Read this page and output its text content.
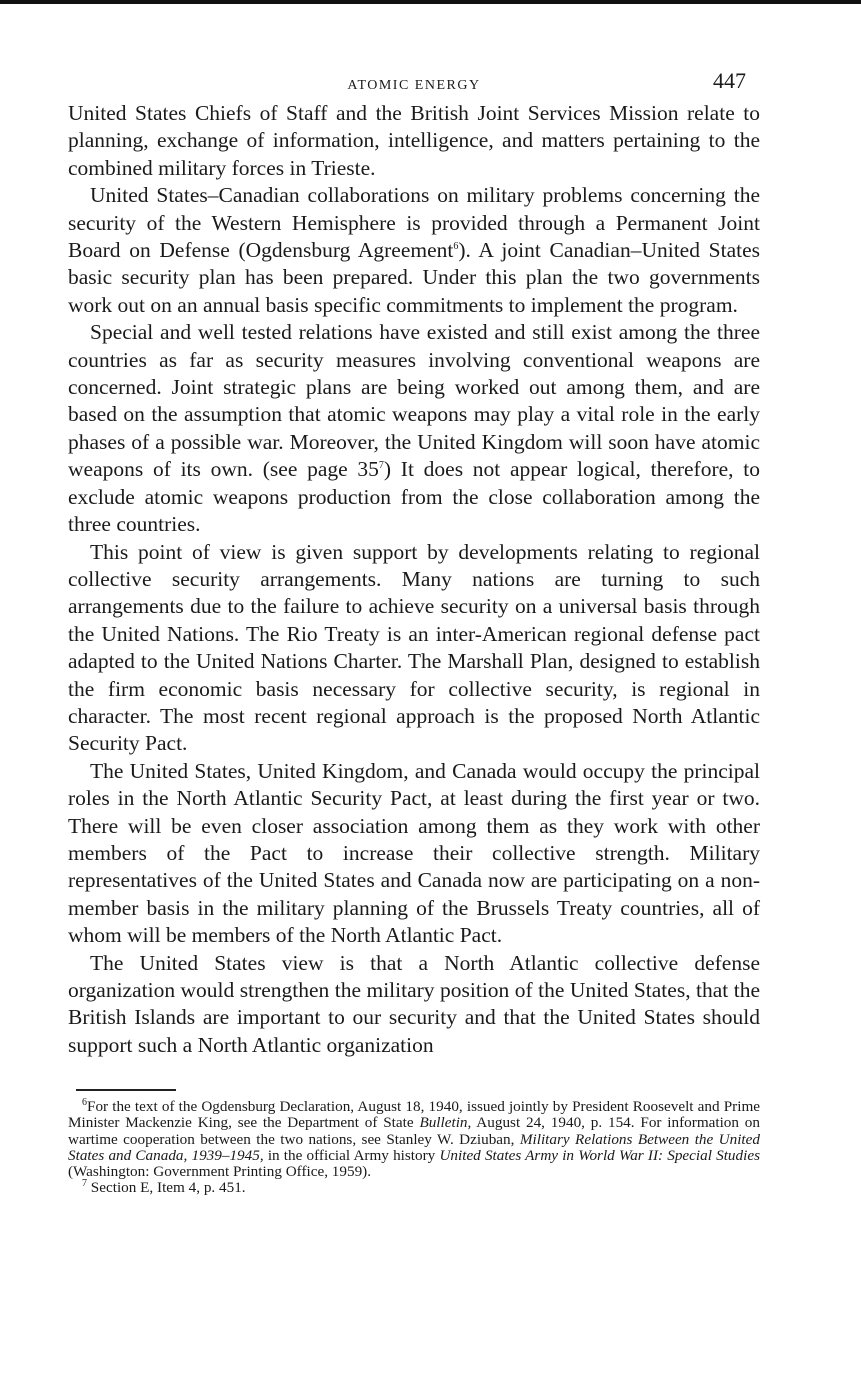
ATOMIC ENERGY	447

United States Chiefs of Staff and the British Joint Services Mission relate to planning, exchange of information, intelligence, and matters pertaining to the combined military forces in Trieste.

United States–Canadian collaborations on military problems concerning the security of the Western Hemisphere is provided through a Permanent Joint Board on Defense (Ogdensburg Agreement$^6$). A joint Canadian–United States basic security plan has been prepared. Under this plan the two governments work out on an annual basis specific commitments to implement the program.

Special and well tested relations have existed and still exist among the three countries as far as security measures involving conventional weapons are concerned. Joint strategic plans are being worked out among them, and are based on the assumption that atomic weapons may play a vital role in the early phases of a possible war. Moreover, the United Kingdom will soon have atomic weapons of its own. (see page $35^7$) It does not appear logical, therefore, to exclude atomic weapons production from the close collaboration among the three countries.

This point of view is given support by developments relating to regional collective security arrangements. Many nations are turning to such arrangements due to the failure to achieve security on a universal basis through the United Nations. The Rio Treaty is an inter-American regional defense pact adapted to the United Nations Charter. The Marshall Plan, designed to establish the firm economic basis necessary for collective security, is regional in character. The most recent regional approach is the proposed North Atlantic Security Pact.

The United States, United Kingdom, and Canada would occupy the principal roles in the North Atlantic Security Pact, at least during the first year or two. There will be even closer association among them as they work with other members of the Pact to increase their collective strength. Military representatives of the United States and Canada now are participating on a non-member basis in the military planning of the Brussels Treaty countries, all of whom will be members of the North Atlantic Pact.

The United States view is that a North Atlantic collective defense organization would strengthen the military position of the United States, that the British Islands are important to our security and that the United States should support such a North Atlantic organization

$^6$For the text of the Ogdensburg Declaration, August 18, 1940, issued jointly by President Roosevelt and Prime Minister Mackenzie King, see the Department of State Bulletin, August 24, 1940, p. 154. For information on wartime cooperation between the two nations, see Stanley W. Dziuban, Military Relations Between the United States and Canada, 1939–1945, in the official Army history United States Army in World War II: Special Studies (Washington: Government Printing Office, 1959).

$^7$ Section E, Item 4, p. 451.
